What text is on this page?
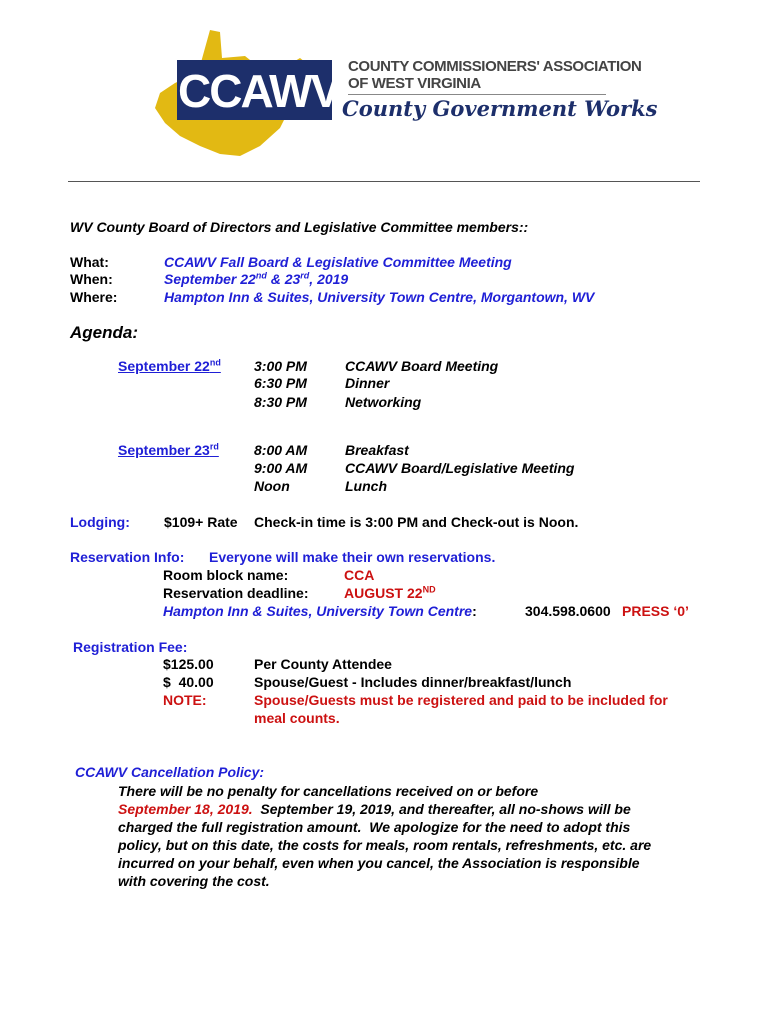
CCAWV COUNTY COMMISSIONERS' ASSOCIATION
OF WEST VIRGINIA
County Government Works
WV County Board of Directors and Legislative Committee members::
What:	CCAWV Fall Board & Legislative Committee Meeting
When:	September 22nd & 23rd, 2019
Where:	Hampton Inn & Suites, University Town Centre, Morgantown, WV
Agenda:
September 22nd 3:00 PM	CCAWV Board Meeting
6:30 PM	Dinner
8:30 PM	Networking
September 23rd	8:00 AM	Breakfast
9:00 AM	CCAWV Board/Legislative Meeting
Noon	Lunch
Lodging: $109+ Rate Check-in time is 3:00 PM and Check-out is Noon.
Reservation Info: Everyone will make their own reservations.
Room block name:	CCA
Reservation deadline:	AUGUST 22ND
Hampton Inn & Suites, University Town Centre:	304.598.0600 PRESS ‘0’
Registration Fee:
$125.00	Per County Attendee
$  40.00	Spouse/Guest - Includes dinner/breakfast/lunch
NOTE:	Spouse/Guests must be registered and paid to be included for
meal counts.
CCAWV Cancellation Policy:
There will be no penalty for cancellations received on or before
September 18, 2019.  September 19, 2019, and thereafter, all no-shows will be
charged the full registration amount.  We apologize for the need to adopt this
policy, but on this date, the costs for meals, room rentals, refreshments, etc. are
incurred on your behalf, even when you cancel, the Association is responsible
with covering the cost.
